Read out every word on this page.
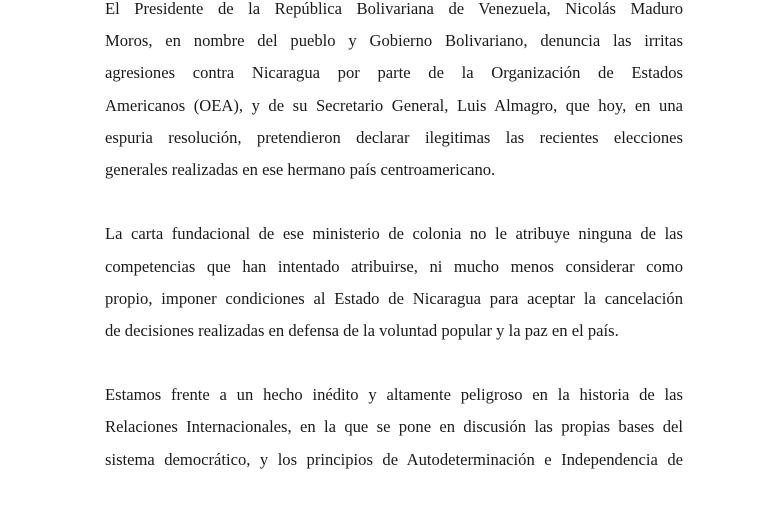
El Presidente de la República Bolivariana de Venezuela, Nicolás Maduro
Moros, en nombre del pueblo y Gobierno Bolivariano, denuncia las irritas
agresiones contra Nicaragua por parte de la Organización de Estados
Americanos (OEA), y de su Secretario General, Luis Almagro, que hoy, en una
espuria resolución, pretendieron declarar ilegitimas las recientes elecciones
generales realizadas en ese hermano país centroamericano.
La carta fundacional de ese ministerio de colonia no le atribuye ninguna de las
competencias que han intentado atribuirse, ni mucho menos considerar como
propio, imponer condiciones al Estado de Nicaragua para aceptar la cancelación
de decisiones realizadas en defensa de la voluntad popular y la paz en el país.
Estamos frente a un hecho inédito y altamente peligroso en la historia de las
Relaciones Internacionales, en la que se pone en discusión las propias bases del
sistema democrático, y los principios de Autodeterminación e Independencia de
